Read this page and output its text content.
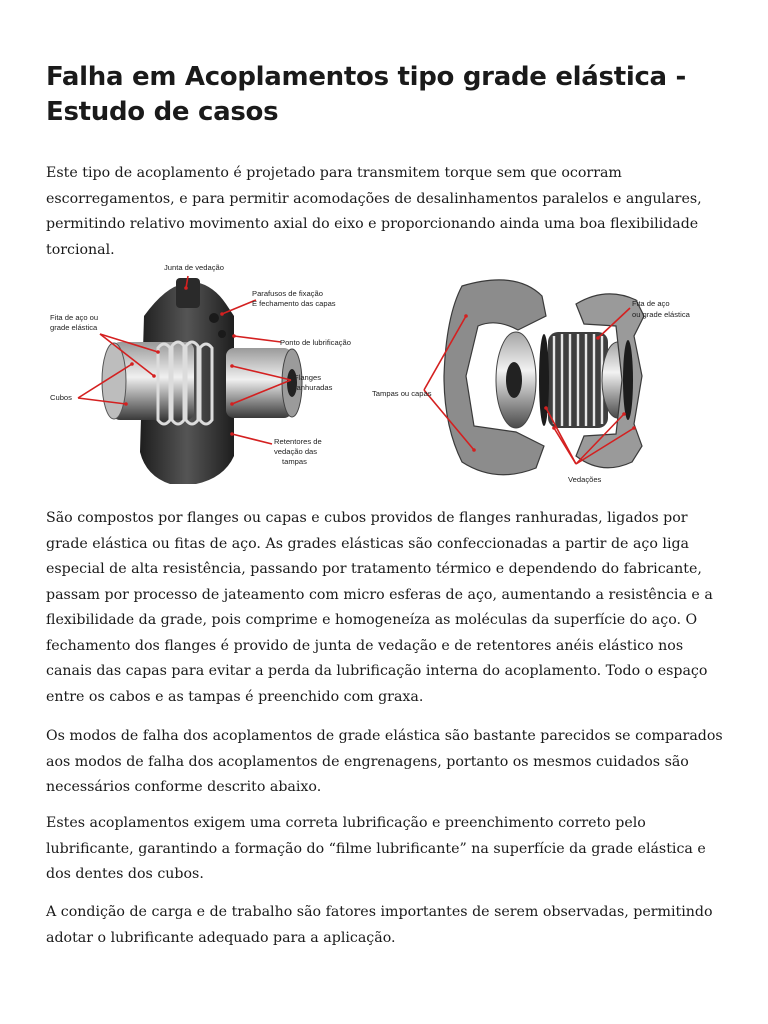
Falha em Acoplamentos tipo grade elástica - Estudo de casos

Este tipo de acoplamento é projetado para transmitem torque sem que ocorram escorregamentos, e para permitir acomodações de desalinhamentos paralelos e angulares, permitindo relativo movimento axial do eixo e proporcionando ainda uma boa flexibilidade torcional.

Junta de vedação
Parafusos de fixação
E fechamento das capas
Fita de aço ou
grade elástica
Ponto de lubrificação
Cubos
Flanges
ranhuradas
Retentores de
vedação das
tampas
Fita de aço
ou grade elástica
Tampas ou capas
Vedações

São compostos por flanges ou capas e cubos providos de flanges ranhuradas, ligados por grade elástica ou fitas de aço. As grades elásticas são confeccionadas a partir de aço liga especial de alta resistência, passando por tratamento térmico e dependendo do fabricante, passam por processo de jateamento com micro esferas de aço, aumentando a resistência e a flexibilidade da grade, pois comprime e homogeneíza as moléculas da superfície do aço. O fechamento dos flanges é provido de junta de vedação e de retentores anéis elástico nos canais das capas para evitar a perda da lubrificação interna do acoplamento. Todo o espaço entre os cabos e as tampas é preenchido com graxa.

Os modos de falha dos acoplamentos de grade elástica são bastante parecidos se comparados aos modos de falha dos acoplamentos de engrenagens, portanto os mesmos cuidados são necessários conforme descrito abaixo.

Estes acoplamentos exigem uma correta lubrificação e preenchimento correto pelo lubrificante, garantindo a formação do “filme lubrificante” na superfície da grade elástica e dos dentes dos cubos.

A condição de carga e de trabalho são fatores importantes de serem observadas, permitindo adotar o lubrificante adequado para a aplicação.
